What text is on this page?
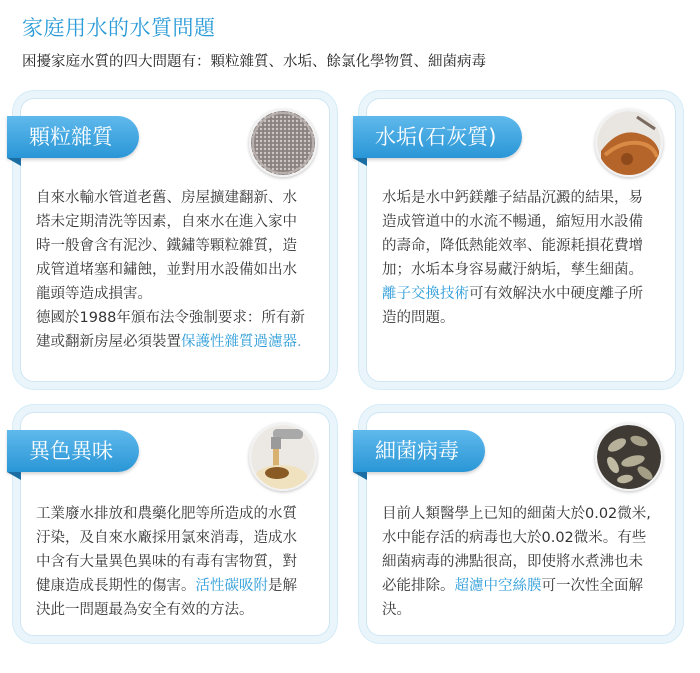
家庭用水的水質問題
困擾家庭水質的四大問題有：顆粒雜質、水垢、餘氯化學物質、細菌病毒
顆粒雜質
自來水輸水管道老舊、房屋擴建翻新、水
塔未定期清洗等因素，自來水在進入家中
時一般會含有泥沙、鐵鏽等顆粒雜質，造
成管道堵塞和鏽蝕，並對用水設備如出水
龍頭等造成損害。
德國於1988年頒布法令強制要求：所有新
建或翻新房屋必須裝置保護性雜質過濾器.
水垢(石灰質)
水垢是水中鈣鎂離子結晶沉澱的結果，易
造成管道中的水流不暢通，縮短用水設備
的壽命，降低熱能效率、能源耗損花費增
加；水垢本身容易藏汙納垢，孳生細菌。
離子交換技術可有效解決水中硬度離子所
造的問題。
異色異味
工業廢水排放和農藥化肥等所造成的水質
汙染，及自來水廠採用氯來消毒，造成水
中含有大量異色異味的有毒有害物質，對
健康造成長期性的傷害。活性碳吸附是解
決此一問題最為安全有效的方法。
細菌病毒
目前人類醫學上已知的細菌大於0.02微米,
水中能存活的病毒也大於0.02微米。有些
細菌病毒的沸點很高，即使將水煮沸也未
必能排除。超濾中空絲膜可一次性全面解
決。
